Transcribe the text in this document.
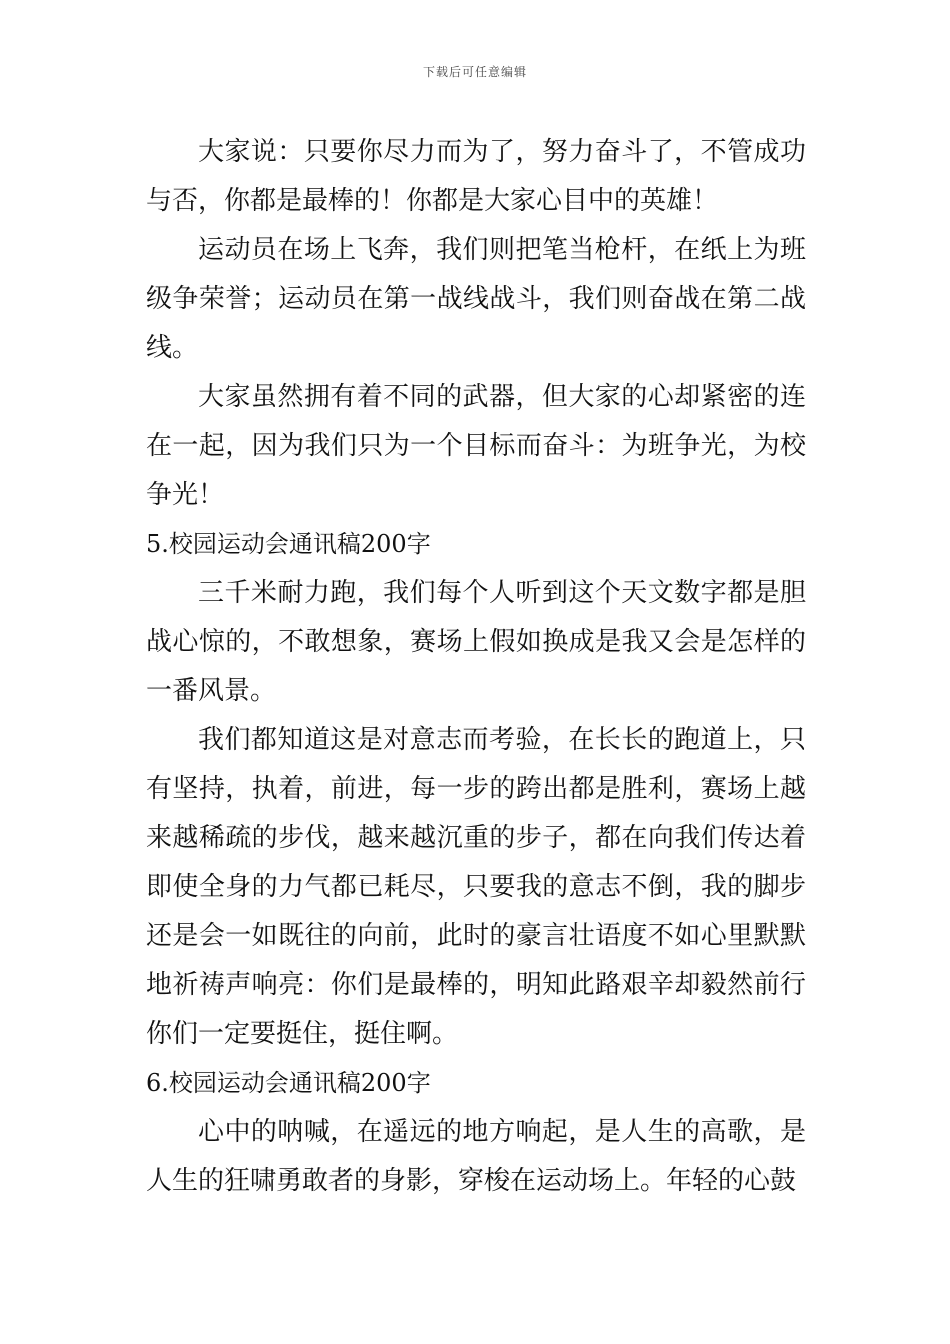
下载后可任意编辑

大家说：只要你尽力而为了，努力奋斗了，不管成功与否，你都是最棒的！你都是大家心目中的英雄！

运动员在场上飞奔，我们则把笔当枪杆，在纸上为班级争荣誉；运动员在第一战线战斗，我们则奋战在第二战线。

大家虽然拥有着不同的武器，但大家的心却紧密的连在一起，因为我们只为一个目标而奋斗：为班争光，为校争光！

5.校园运动会通讯稿200字

三千米耐力跑，我们每个人听到这个天文数字都是胆战心惊的，不敢想象，赛场上假如换成是我又会是怎样的一番风景。

我们都知道这是对意志而考验，在长长的跑道上，只有坚持，执着，前进，每一步的跨出都是胜利，赛场上越来越稀疏的步伐，越来越沉重的步子，都在向我们传达着即使全身的力气都已耗尽，只要我的意志不倒，我的脚步还是会一如既往的向前，此时的豪言壮语度不如心里默默地祈祷声响亮：你们是最棒的，明知此路艰辛却毅然前行你们一定要挺住，挺住啊。

6.校园运动会通讯稿200字

心中的呐喊，在遥远的地方响起，是人生的高歌，是人生的狂啸勇敢者的身影，穿梭在运动场上。年轻的心鼓
